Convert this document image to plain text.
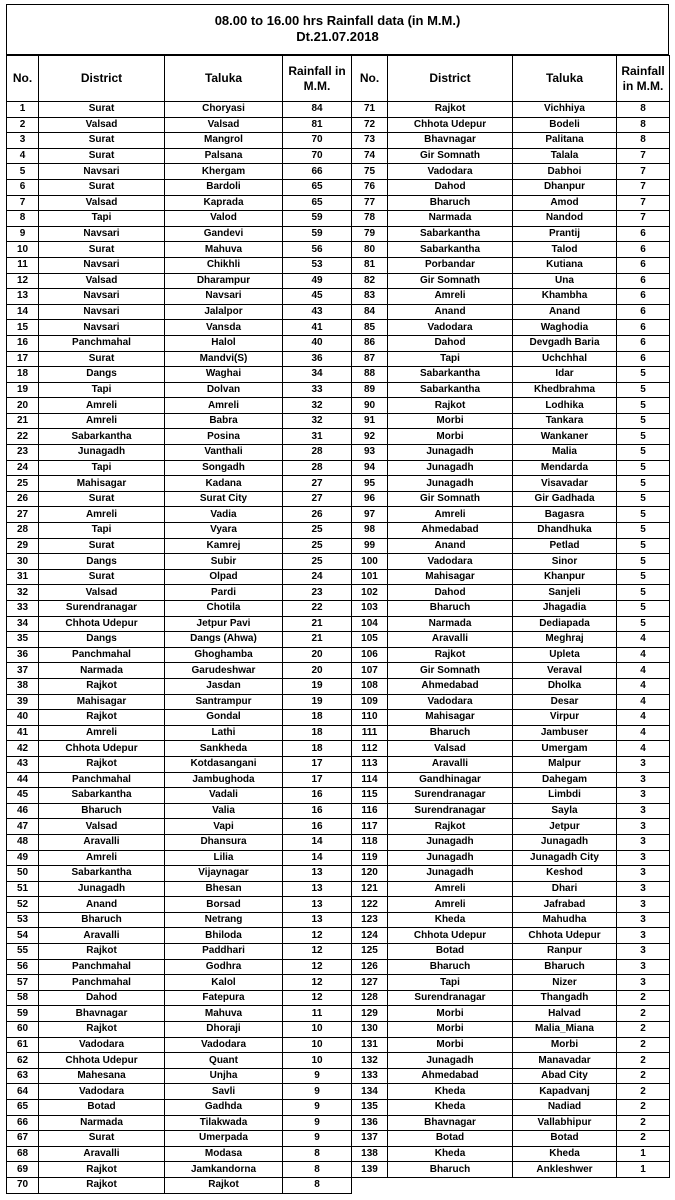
08.00 to 16.00 hrs Rainfall data (in M.M.)
Dt.21.07.2018
No.	District	Taluka	Rainfall in M.M.
1	Surat	Choryasi	84
2	Valsad	Valsad	81
3	Surat	Mangrol	70
4	Surat	Palsana	70
5	Navsari	Khergam	66
6	Surat	Bardoli	65
7	Valsad	Kaprada	65
8	Tapi	Valod	59
9	Navsari	Gandevi	59
10	Surat	Mahuva	56
11	Navsari	Chikhli	53
12	Valsad	Dharampur	49
13	Navsari	Navsari	45
14	Navsari	Jalalpor	43
15	Navsari	Vansda	41
16	Panchmahal	Halol	40
17	Surat	Mandvi(S)	36
18	Dangs	Waghai	34
19	Tapi	Dolvan	33
20	Amreli	Amreli	32
21	Amreli	Babra	32
22	Sabarkantha	Posina	31
23	Junagadh	Vanthali	28
24	Tapi	Songadh	28
25	Mahisagar	Kadana	27
26	Surat	Surat City	27
27	Amreli	Vadia	26
28	Tapi	Vyara	25
29	Surat	Kamrej	25
30	Dangs	Subir	25
31	Surat	Olpad	24
32	Valsad	Pardi	23
33	Surendranagar	Chotila	22
34	Chhota Udepur	Jetpur Pavi	21
35	Dangs	Dangs (Ahwa)	21
36	Panchmahal	Ghoghamba	20
37	Narmada	Garudeshwar	20
38	Rajkot	Jasdan	19
39	Mahisagar	Santrampur	19
40	Rajkot	Gondal	18
41	Amreli	Lathi	18
42	Chhota Udepur	Sankheda	18
43	Rajkot	Kotdasangani	17
44	Panchmahal	Jambughoda	17
45	Sabarkantha	Vadali	16
46	Bharuch	Valia	16
47	Valsad	Vapi	16
48	Aravalli	Dhansura	14
49	Amreli	Lilia	14
50	Sabarkantha	Vijaynagar	13
51	Junagadh	Bhesan	13
52	Anand	Borsad	13
53	Bharuch	Netrang	13
54	Aravalli	Bhiloda	12
55	Rajkot	Paddhari	12
56	Panchmahal	Godhra	12
57	Panchmahal	Kalol	12
58	Dahod	Fatepura	12
59	Bhavnagar	Mahuva	11
60	Rajkot	Dhoraji	10
61	Vadodara	Vadodara	10
62	Chhota Udepur	Quant	10
63	Mahesana	Unjha	9
64	Vadodara	Savli	9
65	Botad	Gadhda	9
66	Narmada	Tilakwada	9
67	Surat	Umerpada	9
68	Aravalli	Modasa	8
69	Rajkot	Jamkandorna	8
70	Rajkot	Rajkot	8
No.	District	Taluka	Rainfall in M.M.
71	Rajkot	Vichhiya	8
72	Chhota Udepur	Bodeli	8
73	Bhavnagar	Palitana	8
74	Gir Somnath	Talala	7
75	Vadodara	Dabhoi	7
76	Dahod	Dhanpur	7
77	Bharuch	Amod	7
78	Narmada	Nandod	7
79	Sabarkantha	Prantij	6
80	Sabarkantha	Talod	6
81	Porbandar	Kutiana	6
82	Gir Somnath	Una	6
83	Amreli	Khambha	6
84	Anand	Anand	6
85	Vadodara	Waghodia	6
86	Dahod	Devgadh Baria	6
87	Tapi	Uchchhal	6
88	Sabarkantha	Idar	5
89	Sabarkantha	Khedbrahma	5
90	Rajkot	Lodhika	5
91	Morbi	Tankara	5
92	Morbi	Wankaner	5
93	Junagadh	Malia	5
94	Junagadh	Mendarda	5
95	Junagadh	Visavadar	5
96	Gir Somnath	Gir Gadhada	5
97	Amreli	Bagasra	5
98	Ahmedabad	Dhandhuka	5
99	Anand	Petlad	5
100	Vadodara	Sinor	5
101	Mahisagar	Khanpur	5
102	Dahod	Sanjeli	5
103	Bharuch	Jhagadia	5
104	Narmada	Dediapada	5
105	Aravalli	Meghraj	4
106	Rajkot	Upleta	4
107	Gir Somnath	Veraval	4
108	Ahmedabad	Dholka	4
109	Vadodara	Desar	4
110	Mahisagar	Virpur	4
111	Bharuch	Jambuser	4
112	Valsad	Umergam	4
113	Aravalli	Malpur	3
114	Gandhinagar	Dahegam	3
115	Surendranagar	Limbdi	3
116	Surendranagar	Sayla	3
117	Rajkot	Jetpur	3
118	Junagadh	Junagadh	3
119	Junagadh	Junagadh City	3
120	Junagadh	Keshod	3
121	Amreli	Dhari	3
122	Amreli	Jafrabad	3
123	Kheda	Mahudha	3
124	Chhota Udepur	Chhota Udepur	3
125	Botad	Ranpur	3
126	Bharuch	Bharuch	3
127	Tapi	Nizer	3
128	Surendranagar	Thangadh	2
129	Morbi	Halvad	2
130	Morbi	Malia_Miana	2
131	Morbi	Morbi	2
132	Junagadh	Manavadar	2
133	Ahmedabad	Abad City	2
134	Kheda	Kapadvanj	2
135	Kheda	Nadiad	2
136	Bhavnagar	Vallabhipur	2
137	Botad	Botad	2
138	Kheda	Kheda	1
139	Bharuch	Ankleshwer	1
